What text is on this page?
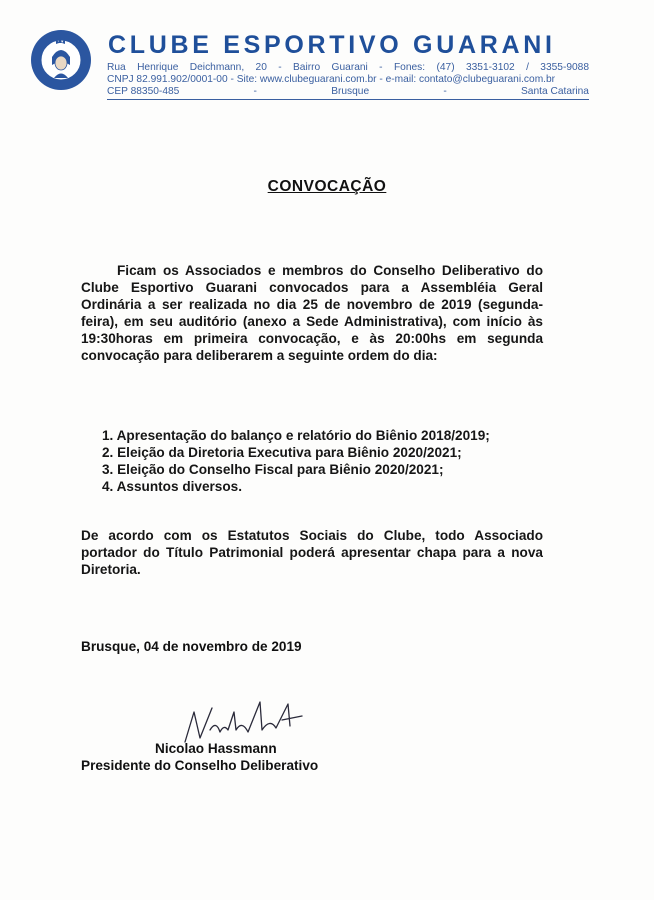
CLUBE ESPORTIVO GUARANI

Rua Henrique Deichmann, 20 - Bairro Guarani - Fones: (47) 3351-3102 / 3355-9088

CNPJ 82.991.902/0001-00 - Site: www.clubeguarani.com.br - e-mail: contato@clubeguarani.com.br

CEP 88350-485	-	Brusque	-	Santa Catarina

CONVOCAÇÃO

Ficam os Associados e membros do Conselho Deliberativo do Clube Esportivo Guarani convocados para a Assembléia Geral Ordinária a ser realizada no dia 25 de novembro de 2019 (segunda-feira), em seu auditório (anexo a Sede Administrativa), com início às 19:30horas em primeira convocação, e às 20:00hs em segunda convocação para deliberarem a seguinte ordem do dia:

1. Apresentação do balanço e relatório do Biênio 2018/2019;
2. Eleição da Diretoria Executiva para Biênio 2020/2021;
3. Eleição do Conselho Fiscal para Biênio 2020/2021;
4. Assuntos diversos.

De acordo com os Estatutos Sociais do Clube, todo Associado portador do Título Patrimonial poderá apresentar chapa para a nova Diretoria.

Brusque, 04 de novembro de 2019

Nicolao Hassmann

Presidente do Conselho Deliberativo
